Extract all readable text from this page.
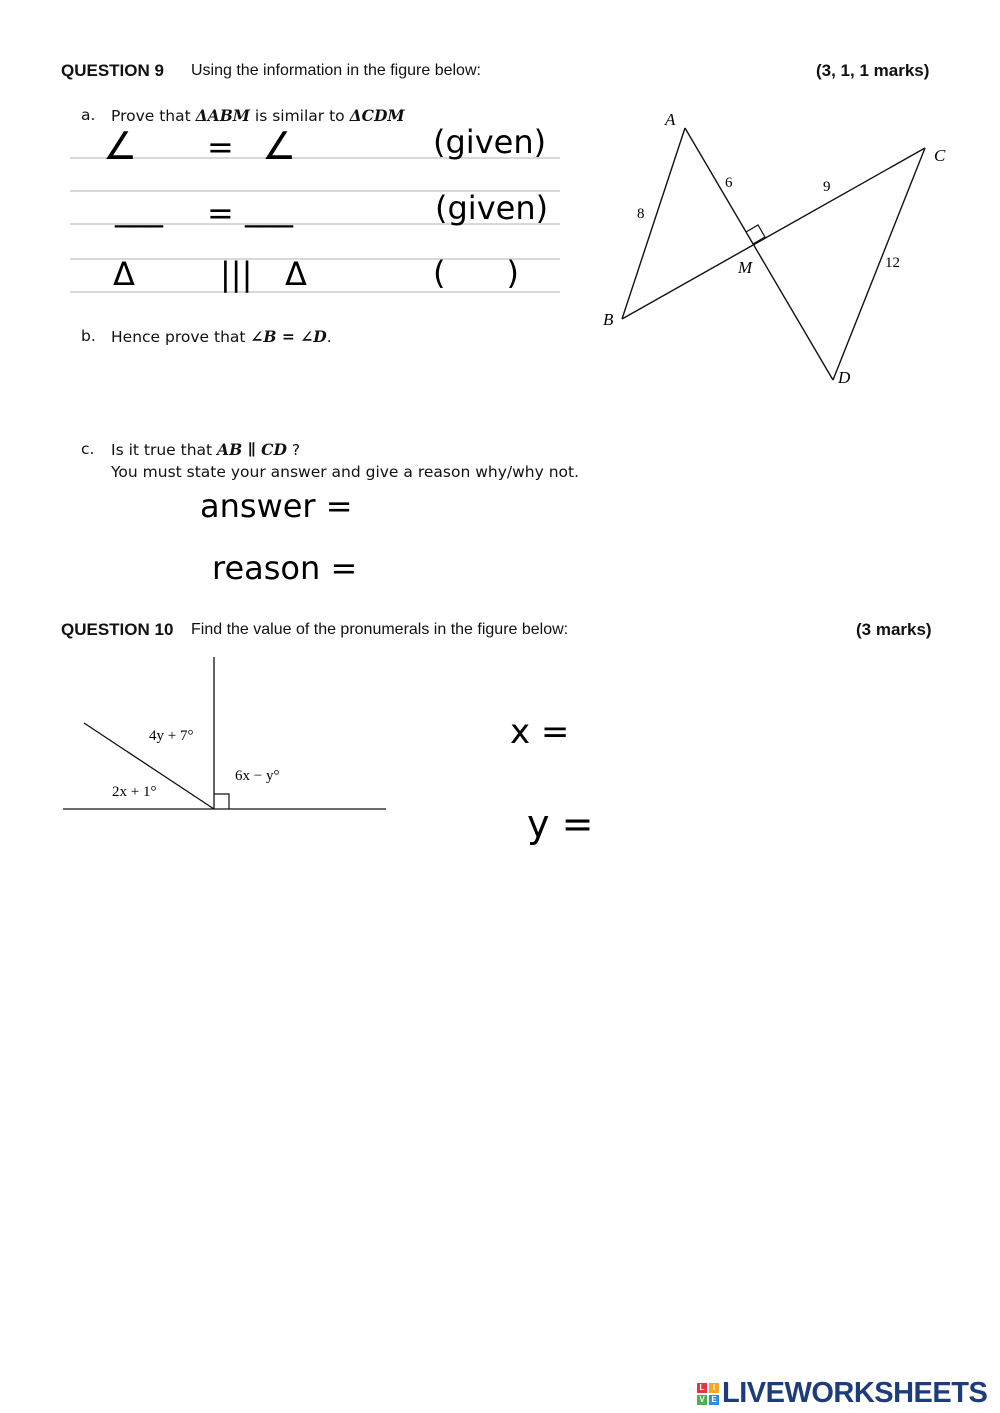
QUESTION 9 Using the information in the figure below:	(3, 1, 1 marks)
a. Prove that ΔABM is similar to ΔCDM
∠ = ∠	(given)
___ = ___	(given)
Δ	||| Δ	(      )
b. Hence prove that ∠B = ∠D.
c. Is it true that AB ∥ CD ?
You must state your answer and give a reason why/why not.
answer =
reason =
A
B
C
D
M
8
6	9
12
QUESTION 10 Find the value of the pronumerals in the figure below:	(3 marks)
4y + 7°
2x + 1°
6x − y°
x =
y =
L	I
V E LIVEWORKSHEETS
